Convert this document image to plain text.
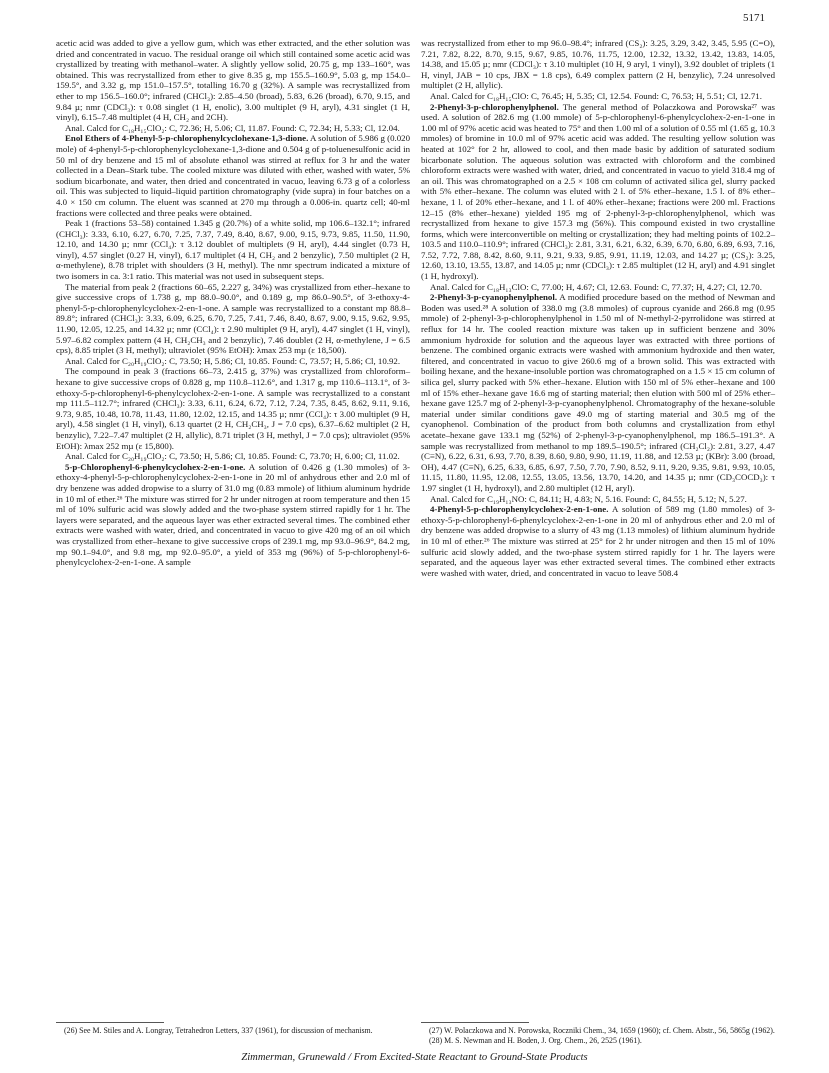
5171

acetic acid was added to give a yellow gum, which was ether extracted, and the ether solution was dried and concentrated in vacuo. The residual orange oil which still contained some acetic acid was crystallized by treating with methanol–water. A slightly yellow solid, 20.75 g, mp 133–160°, was obtained. This was recrystallized from ether to give 8.35 g, mp 155.5–160.9°, 5.03 g, mp 154.0–159.5°, and 3.32 g, mp 151.0–157.5°, totalling 16.70 g (32%). A sample was recrystallized from ether to mp 156.5–160.0°; infrared (CHCl₃): 2.85–4.50 (broad), 5.83, 6.26 (broad), 6.70, 9.15, and 9.84 µ; nmr (CDCl₃): τ 0.08 singlet (1 H, enolic), 3.00 multiplet (9 H, aryl), 4.31 singlet (1 H, vinyl), 6.15–7.48 multiplet (4 H, CH₂ and 2CH).

Anal. Calcd for C₁₈H₁₅ClO₂: C, 72.36; H, 5.06; Cl, 11.87. Found: C, 72.34; H, 5.33; Cl, 12.04.

Enol Ethers of 4-Phenyl-5-p-chlorophenylcyclohexane-1,3-dione. A solution of 5.986 g (0.020 mole) of 4-phenyl-5-p-chlorophenylcyclohexane-1,3-dione and 0.504 g of p-toluenesulfonic acid in 50 ml of dry benzene and 15 ml of absolute ethanol was stirred at reflux for 3 hr and the water collected in a Dean–Stark tube. The cooled mixture was diluted with ether, washed with water, 5% sodium bicarbonate, and water, then dried and concentrated in vacuo, leaving 6.73 g of a colorless oil. This was subjected to liquid–liquid partition chromatography (vide supra) in four batches on a 4.0 × 150 cm column. The eluent was scanned at 270 mµ through a 0.006-in. quartz cell; 40-ml fractions were collected and three peaks were obtained.

Peak 1 (fractions 53–58) contained 1.345 g (20.7%) of a white solid, mp 106.6–132.1°; infrared (CHCl₃): 3.33, 6.10, 6.27, 6.70, 7.25, 7.37, 7.49, 8.40, 8.67, 9.00, 9.15, 9.73, 9.85, 11.50, 11.90, 12.10, and 14.30 µ; nmr (CCl₄): τ 3.12 doublet of multiplets (9 H, aryl), 4.44 singlet (0.73 H, vinyl), 4.57 singlet (0.27 H, vinyl), 6.17 multiplet (4 H, CH₂ and 2 benzylic), 7.50 multiplet (2 H, α-methylene), 8.78 triplet with shoulders (3 H, methyl). The nmr spectrum indicated a mixture of two isomers in ca. 3:1 ratio. This material was not used in subsequent steps.

The material from peak 2 (fractions 60–65, 2.227 g, 34%) was crystallized from ether–hexane to give successive crops of 1.738 g, mp 88.0–90.0°, and 0.189 g, mp 86.0–90.5°, of 3-ethoxy-4-phenyl-5-p-chlorophenylcyclohex-2-en-1-one. A sample was recrystallized to a constant mp 88.8–89.8°; infrared (CHCl₃): 3.33, 6.09, 6.25, 6.70, 7.25, 7.41, 7.46, 8.40, 8.67, 9.00, 9.15, 9.62, 9.95, 11.90, 12.05, 12.25, and 14.32 µ; nmr (CCl₄): τ 2.90 multiplet (9 H, aryl), 4.47 singlet (1 H, vinyl), 5.97–6.82 complex pattern (4 H, CH₂CH₃ and 2 benzylic), 7.46 doublet (2 H, α-methylene, J = 6.5 cps), 8.85 triplet (3 H, methyl); ultraviolet (95% EtOH): λmax 253 mµ (ε 18,500).

Anal. Calcd for C₂₀H₁₉ClO₂: C, 73.50; H, 5.86; Cl, 10.85. Found: C, 73.57; H, 5.86; Cl, 10.92.

The compound in peak 3 (fractions 66–73, 2.415 g, 37%) was crystallized from chloroform–hexane to give successive crops of 0.828 g, mp 110.8–112.6°, and 1.317 g, mp 110.6–113.1°, of 3-ethoxy-5-p-chlorophenyl-6-phenylcyclohex-2-en-1-one. A sample was recrystallized to a constant mp 111.5–112.7°; infrared (CHCl₃): 3.33, 6.11, 6.24, 6.72, 7.12, 7.24, 7.35, 8.45, 8.62, 9.11, 9.16, 9.73, 9.85, 10.48, 10.78, 11.43, 11.80, 12.02, 12.15, and 14.35 µ; nmr (CCl₄): τ 3.00 multiplet (9 H, aryl), 4.58 singlet (1 H, vinyl), 6.13 quartet (2 H, CH₂CH₃, J = 7.0 cps), 6.37–6.62 multiplet (2 H, benzylic), 7.22–7.47 multiplet (2 H, allylic), 8.71 triplet (3 H, methyl, J = 7.0 cps); ultraviolet (95% EtOH): λmax 252 mµ (ε 15,800).

Anal. Calcd for C₂₀H₁₉ClO₂: C, 73.50; H, 5.86; Cl, 10.85. Found: C, 73.70; H, 6.00; Cl, 11.02.

5-p-Chlorophenyl-6-phenylcyclohex-2-en-1-one. A solution of 0.426 g (1.30 mmoles) of 3-ethoxy-4-phenyl-5-p-chlorophenylcyclohex-2-en-1-one in 20 ml of anhydrous ether and 2.0 ml of dry benzene was added dropwise to a slurry of 31.0 mg (0.83 mmole) of lithium aluminum hydride in 10 ml of ether.²⁶ The mixture was stirred for 2 hr under nitrogen at room temperature and then 15 ml of 10% sulfuric acid was slowly added and the two-phase system stirred rapidly for 1 hr. The layers were separated, and the aqueous layer was ether extracted several times. The combined ether extracts were washed with water, dried, and concentrated in vacuo to give 420 mg of an oil which was crystallized from ether–hexane to give successive crops of 239.1 mg, mp 93.0–96.9°, 84.2 mg, mp 90.1–94.0°, and 9.8 mg, mp 92.0–95.0°, a yield of 353 mg (96%) of 5-p-chlorophenyl-6-phenylcyclohex-2-en-1-one. A sample

was recrystallized from ether to mp 96.0–98.4°; infrared (CS₂): 3.25, 3.29, 3.42, 3.45, 5.95 (C=O), 7.21, 7.82, 8.22, 8.70, 9.15, 9.67, 9.85, 10.76, 11.75, 12.00, 12.32, 13.32, 13.42, 13.83, 14.05, 14.38, and 15.05 µ; nmr (CDCl₃): τ 3.10 multiplet (10 H, 9 aryl, 1 vinyl), 3.92 doublet of triplets (1 H, vinyl, JAB = 10 cps, JBX = 1.8 cps), 6.49 complex pattern (2 H, benzylic), 7.24 unresolved multiplet (2 H, allylic).

Anal. Calcd for C₁₈H₁₅ClO: C, 76.45; H, 5.35; Cl, 12.54. Found: C, 76.53; H, 5.51; Cl, 12.71.

2-Phenyl-3-p-chlorophenylphenol. The general method of Polaczkowa and Porowska²⁷ was used. A solution of 282.6 mg (1.00 mmole) of 5-p-chlorophenyl-6-phenylcyclohex-2-en-1-one in 1.00 ml of 97% acetic acid was heated to 75° and then 1.00 ml of a solution of 0.55 ml (1.65 g, 10.3 mmoles) of bromine in 10.0 ml of 97% acetic acid was added. The resulting yellow solution was heated at 102° for 2 hr, allowed to cool, and then made basic by addition of saturated sodium bicarbonate solution. The aqueous solution was extracted with chloroform and the combined chloroform extracts were washed with water, dried, and concentrated in vacuo to yield 318.4 mg of an oil. This was chromatographed on a 2.5 × 108 cm column of activated silica gel, slurry packed with 5% ether–hexane. The column was eluted with 2 l. of 5% ether–hexane, 1.5 l. of 8% ether–hexane, 1 l. of 20% ether–hexane, and 1 l. of 40% ether–hexane; fractions were 200 ml. Fractions 12–15 (8% ether–hexane) yielded 195 mg of 2-phenyl-3-p-chlorophenylphenol, which was recrystallized from hexane to give 157.3 mg (56%). This compound existed in two crystalline forms, which were interconvertible on melting or crystallization; they had melting points of 102.2–103.5 and 110.0–110.9°; infrared (CHCl₃): 2.81, 3.31, 6.21, 6.32, 6.39, 6.70, 6.80, 6.89, 6.93, 7.16, 7.52, 7.72, 7.88, 8.42, 8.60, 9.11, 9.21, 9.33, 9.85, 9.91, 11.19, 12.03, and 14.27 µ; (CS₂): 3.25, 12.60, 13.10, 13.55, 13.87, and 14.05 µ; nmr (CDCl₃): τ 2.85 multiplet (12 H, aryl) and 4.91 singlet (1 H, hydroxyl).

Anal. Calcd for C₁₈H₁₃ClO: C, 77.00; H, 4.67; Cl, 12.63. Found: C, 77.37; H, 4.27; Cl, 12.70.

2-Phenyl-3-p-cyanophenylphenol. A modified procedure based on the method of Newman and Boden was used.²⁸ A solution of 338.0 mg (3.8 mmoles) of cuprous cyanide and 266.8 mg (0.95 mmole) of 2-phenyl-3-p-chlorophenylphenol in 1.50 ml of N-methyl-2-pyrrolidone was stirred at reflux for 14 hr. The cooled reaction mixture was taken up in sufficient benzene and 30% ammonium hydroxide for solution and the aqueous layer was extracted with three portions of benzene. The combined organic extracts were washed with ammonium hydroxide and then water, filtered, and concentrated in vacuo to give 260.6 mg of a brown solid. This was extracted with boiling hexane, and the hexane-insoluble portion was chromatographed on a 1.5 × 15 cm column of silica gel, slurry packed with 5% ether–hexane. Elution with 150 ml of 5% ether–hexane and 100 ml of 15% ether–hexane gave 16.6 mg of starting material; then elution with 500 ml of 25% ether–hexane gave 125.7 mg of 2-phenyl-3-p-cyanophenylphenol. Chromatography of the hexane-soluble material under similar conditions gave 49.0 mg of starting material and 30.5 mg of the cyanophenol. Combination of the product from both columns and crystallization from ethyl acetate–hexane gave 133.1 mg (52%) of 2-phenyl-3-p-cyanophenylphenol, mp 186.5–191.3°. A sample was recrystallized from methanol to mp 189.5–190.5°; infrared (CH₂Cl₂): 2.81, 3.27, 4.47 (C≡N), 6.22, 6.31, 6.93, 7.70, 8.39, 8.60, 9.80, 9.90, 11.19, 11.88, and 12.53 µ; (KBr): 3.00 (broad, OH), 4.47 (C≡N), 6.25, 6.33, 6.85, 6.97, 7.50, 7.70, 7.90, 8.52, 9.11, 9.20, 9.35, 9.81, 9.93, 10.05, 11.15, 11.80, 11.95, 12.08, 12.55, 13.05, 13.56, 13.70, 14.20, and 14.35 µ; nmr (CD₃COCD₃): τ 1.97 singlet (1 H, hydroxyl), and 2.80 multiplet (12 H, aryl).

Anal. Calcd for C₁₉H₁₃NO: C, 84.11; H, 4.83; N, 5.16. Found: C, 84.55; H, 5.12; N, 5.27.

4-Phenyl-5-p-chlorophenylcyclohex-2-en-1-one. A solution of 589 mg (1.80 mmoles) of 3-ethoxy-5-p-chlorophenyl-6-phenylcyclohex-2-en-1-one in 20 ml of anhydrous ether and 2.0 ml of dry benzene was added dropwise to a slurry of 43 mg (1.13 mmoles) of lithium aluminum hydride in 10 ml of ether.²⁶ The mixture was stirred at 25° for 2 hr under nitrogen and then 15 ml of 10% sulfuric acid slowly added, and the two-phase system stirred rapidly for 1 hr. The layers were separated, and the aqueous layer was ether extracted several times. The combined ether extracts were washed with water, dried, and concentrated in vacuo to leave 508.4

(26) See M. Stiles and A. Longray, Tetrahedron Letters, 337 (1961), for discussion of mechanism.	(27) W. Polaczkowa and N. Porowska, Roczniki Chem., 34, 1659 (1960); cf. Chem. Abstr., 56, 5865g (1962).
(28) M. S. Newman and H. Boden, J. Org. Chem., 26, 2525 (1961).
Zimmerman, Grunewald / From Excited-State Reactant to Ground-State Products
